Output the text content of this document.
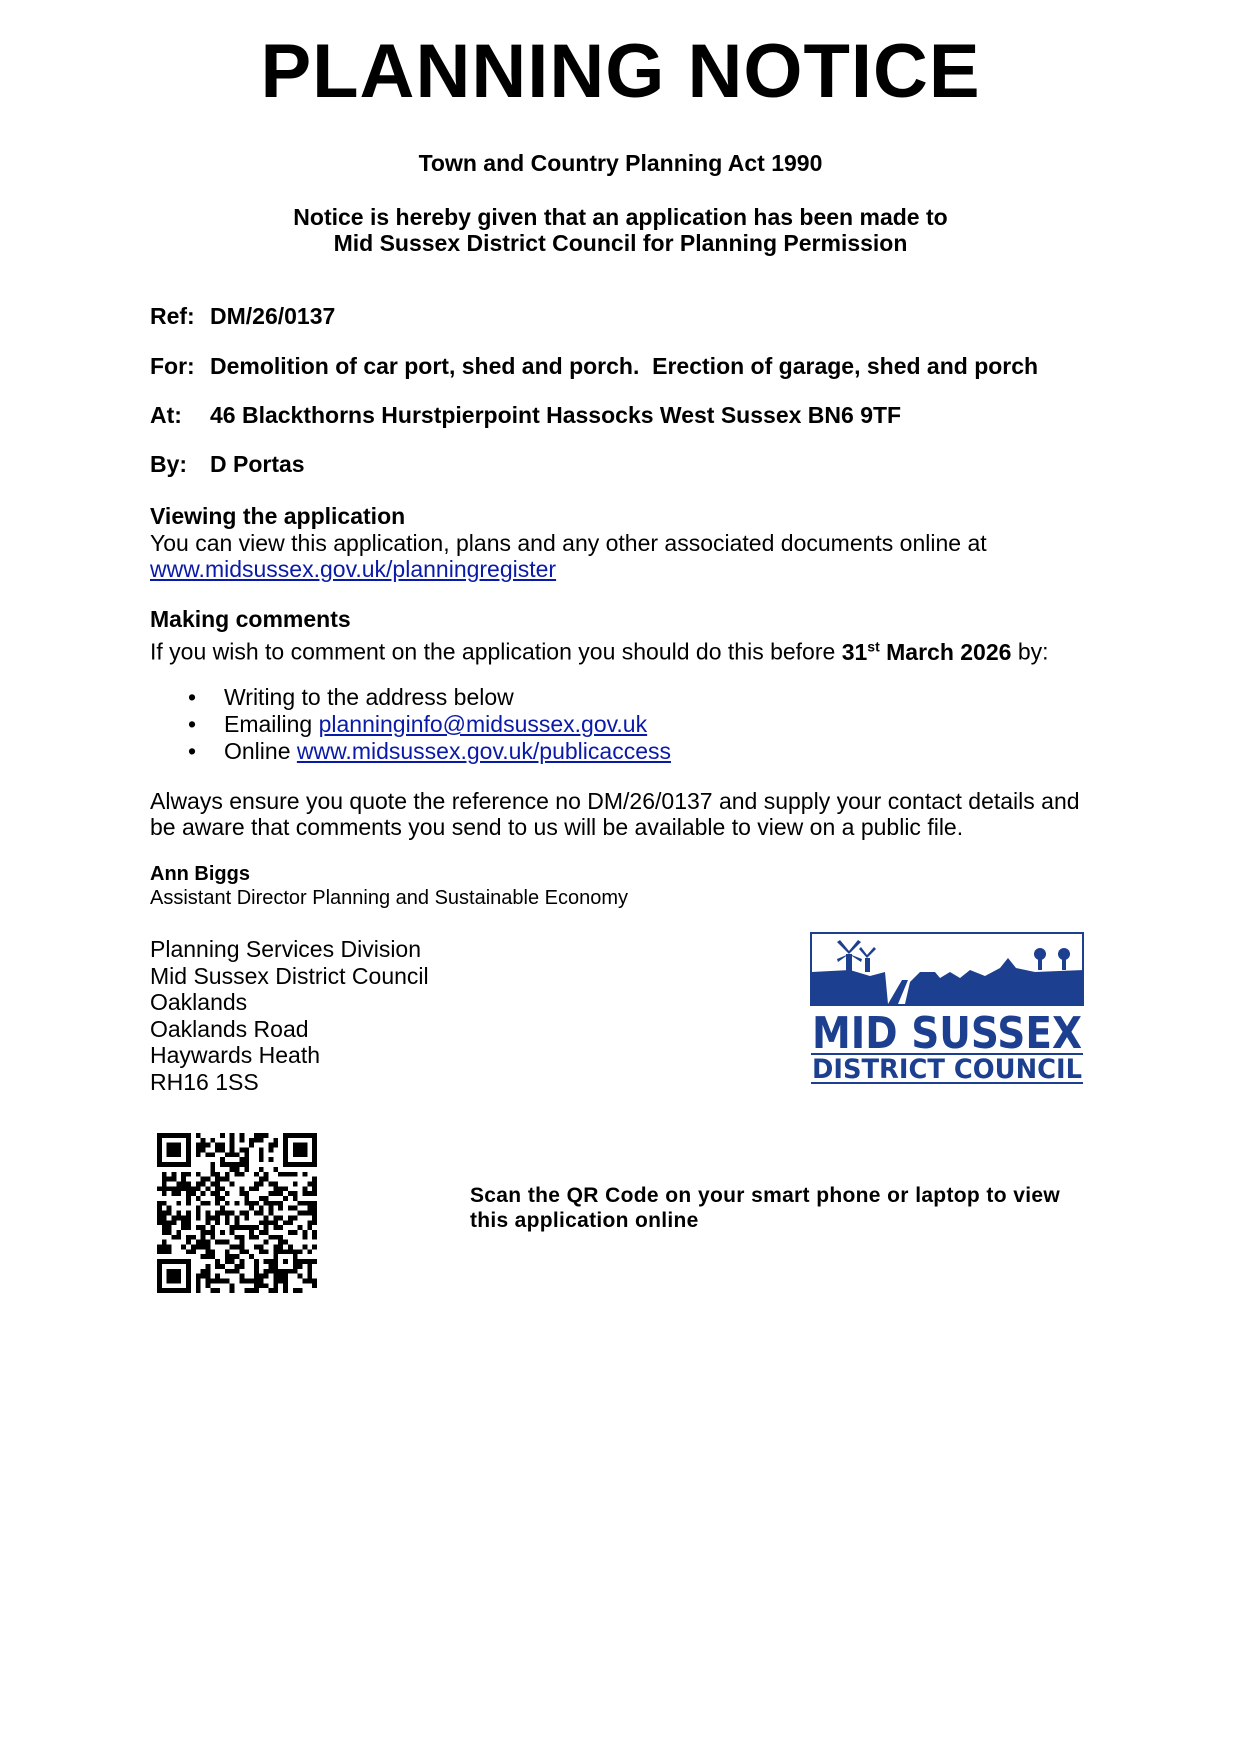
PLANNING NOTICE
Town and Country Planning Act 1990
Notice is hereby given that an application has been made to
Mid Sussex District Council for Planning Permission
Ref: DM/26/0137
For: Demolition of car port, shed and porch.  Erection of garage, shed and porch
At:	46 Blackthorns Hurstpierpoint Hassocks West Sussex BN6 9TF
By: D Portas
Viewing the application
You can view this application, plans and any other associated documents online at
www.midsussex.gov.uk/planningregister
Making comments
If you wish to comment on the application you should do this before 31st March 2026 by:
• Writing to the address below
• Emailing planninginfo@midsussex.gov.uk
• Online www.midsussex.gov.uk/publicaccess
Always ensure you quote the reference no DM/26/0137 and supply your contact details and
be aware that comments you send to us will be available to view on a public file.
Ann Biggs
Assistant Director Planning and Sustainable Economy
Planning Services Division
Mid Sussex District Council
Oaklands
Oaklands Road
Haywards Heath
RH16 1SS
MID SUSSEX
DISTRICT COUNCIL
Scan the QR Code on your smart phone or laptop to view this application online
